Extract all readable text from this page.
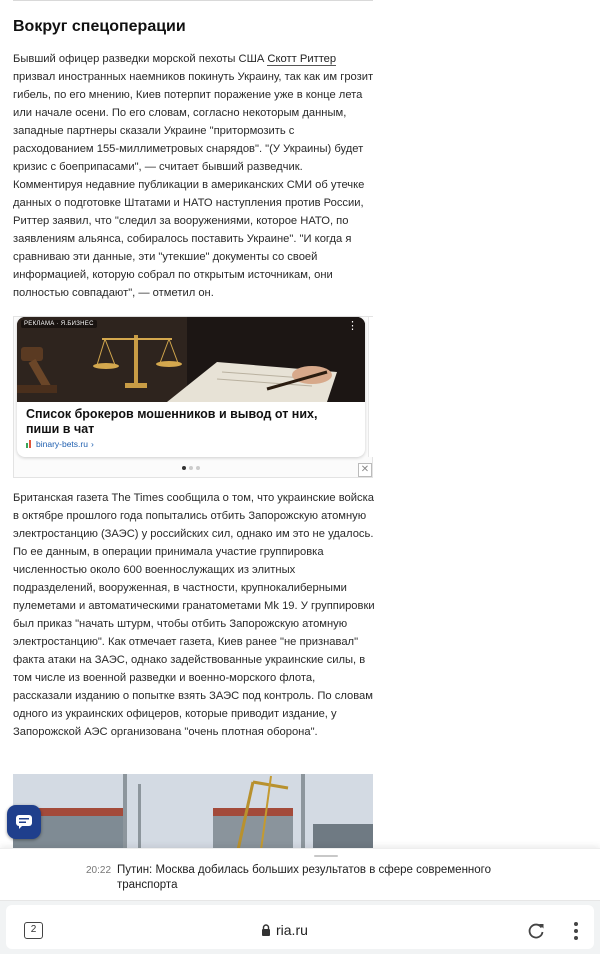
Вокруг спецоперации

Бывший офицер разведки морской пехоты США Скотт Риттер призвал иностранных наемников покинуть Украину, так как им грозит гибель, по его мнению, Киев потерпит поражение уже в конце лета или начале осени. По его словам, согласно некоторым данным, западные партнеры сказали Украине "притормозить с расходованием 155-миллиметровых снарядов". "(У Украины) будет кризис с боеприпасами", — считает бывший разведчик. Комментируя недавние публикации в американских СМИ об утечке данных о подготовке Штатами и НАТО наступления против России, Риттер заявил, что "следил за вооружениями, которое НАТО, по заявлениям альянса, собиралось поставить Украине". "И когда я сравниваю эти данные, эти "утекшие" документы со своей информацией, которую собрал по открытым источникам, они полностью совпадают", — отметил он.

РЕКЛАМА · Я.БИЗНЕС	⋮
Список брокеров мошенников и вывод от них, пиши в чат
binary-bets.ru ›
✕

Британская газета The Times сообщила о том, что украинские войска в октябре прошлого года попытались отбить Запорожскую атомную электростанцию (ЗАЭС) у российских сил, однако им это не удалось. По ее данным, в операции принимала участие группировка численностью около 600 военнослужащих из элитных подразделений, вооруженная, в частности, крупнокалиберными пулеметами и автоматическими гранатометами Mk 19. У группировки был приказ "начать штурм, чтобы отбить Запорожскую атомную электростанцию". Как отмечает газета, Киев ранее "не признавал" факта атаки на ЗАЭС, однако задействованные украинские силы, в том числе из военной разведки и военно-морского флота, рассказали изданию о попытке взять ЗАЭС под контроль. По словам одного из украинских офицеров, которые приводит издание, у Запорожской АЭС организована "очень плотная оборона".

20:22 Путин: Москва добилась больших результатов в сфере современного транспорта
2	ria.ru
